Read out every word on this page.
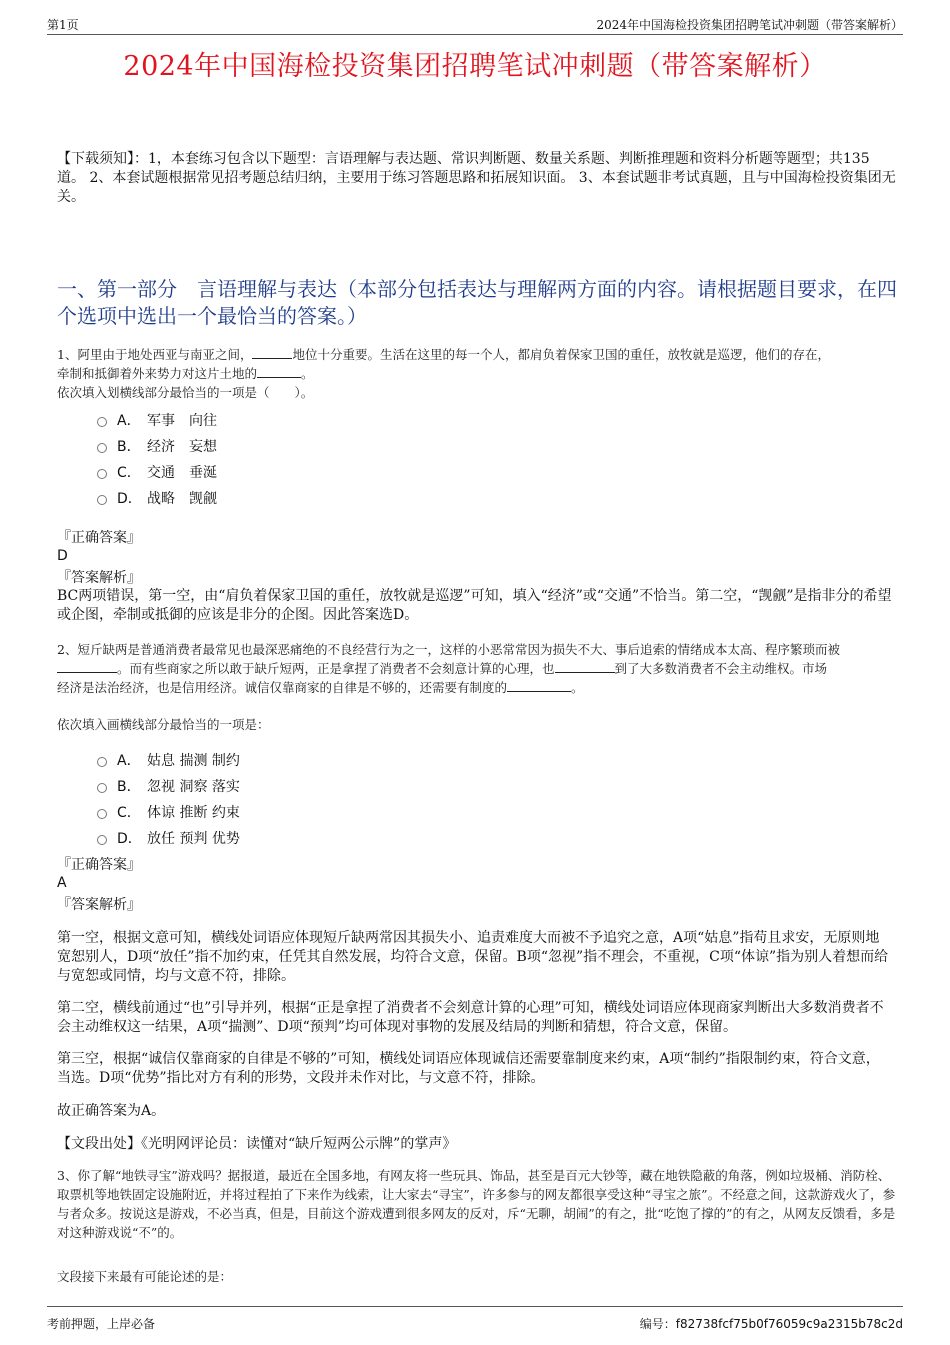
第1页	2024年中国海检投资集团招聘笔试冲刺题（带答案解析）
2024年中国海检投资集团招聘笔试冲刺题（带答案解析）
【下载须知】：1，本套练习包含以下题型：言语理解与表达题、常识判断题、数量关系题、判断推理题和资料分析题等题型；共135道。 2、本套试题根据常见招考题总结归纳，主要用于练习答题思路和拓展知识面。 3、本套试题非考试真题，且与中国海检投资集团无关。
一、第一部分　言语理解与表达（本部分包括表达与理解两方面的内容。请根据题目要求，在四个选项中选出一个最恰当的答案。）
1、阿里由于地处西亚与南亚之间，	地位十分重要。生活在这里的每一个人，都肩负着保家卫国的重任，放牧就是巡逻，他们的存在，
牵制和抵御着外来势力对这片土地的	。
依次填入划横线部分最恰当的一项是（　　）。
A． 军事　向往
B． 经济　妄想
C． 交通　垂涎
D． 战略　觊觎
『正确答案』
D
『答案解析』
BC两项错误，第一空，由“肩负着保家卫国的重任，放牧就是巡逻”可知，填入“经济”或“交通”不恰当。第二空，“觊觎”是指非分的希望或企图，牵制或抵御的应该是非分的企图。因此答案选D。
2、短斤缺两是普通消费者最常见也最深恶痛绝的不良经营行为之一，这样的小恶常常因为损失不大、事后追索的情绪成本太高、程序繁琐而被
。而有些商家之所以敢于缺斤短两，正是拿捏了消费者不会刻意计算的心理，也	到了大多数消费者不会主动维权。市场
经济是法治经济，也是信用经济。诚信仅靠商家的自律是不够的，还需要有制度的	。
依次填入画横线部分最恰当的一项是：
A． 姑息 揣测 制约
B． 忽视 洞察 落实
C． 体谅 推断 约束
D． 放任 预判 优势
『正确答案』
A
『答案解析』
第一空，根据文意可知，横线处词语应体现短斤缺两常因其损失小、追责难度大而被不予追究之意，A项“姑息”指苟且求安，无原则地宽恕别人，D项“放任”指不加约束，任凭其自然发展，均符合文意，保留。B项“忽视”指不理会，不重视，C项“体谅”指为别人着想而给与宽恕或同情，均与文意不符，排除。
第二空，横线前通过“也”引导并列，根据“正是拿捏了消费者不会刻意计算的心理”可知，横线处词语应体现商家判断出大多数消费者不会主动维权这一结果，A项“揣测”、D项“预判”均可体现对事物的发展及结局的判断和猜想，符合文意，保留。
第三空，根据“诚信仅靠商家的自律是不够的”可知，横线处词语应体现诚信还需要靠制度来约束，A项“制约”指限制约束，符合文意，当选。D项“优势”指比对方有利的形势，文段并未作对比，与文意不符，排除。
故正确答案为A。
【文段出处】《光明网评论员：读懂对“缺斤短两公示牌”的掌声》
3、你了解“地铁寻宝”游戏吗？据报道，最近在全国多地，有网友将一些玩具、饰品，甚至是百元大钞等，藏在地铁隐蔽的角落，例如垃圾桶、消防栓、取票机等地铁固定设施附近，并将过程拍了下来作为线索，让大家去“寻宝”，许多参与的网友都很享受这种“寻宝之旅”。不经意之间，这款游戏火了，参与者众多。按说这是游戏，不必当真，但是，目前这个游戏遭到很多网友的反对，斥“无聊，胡闹”的有之，批“吃饱了撑的”的有之，从网友反馈看，多是对这种游戏说“不”的。
文段接下来最有可能论述的是：
考前押题，上岸必备	编号：f82738fcf75b0f76059c9a2315b78c2d
